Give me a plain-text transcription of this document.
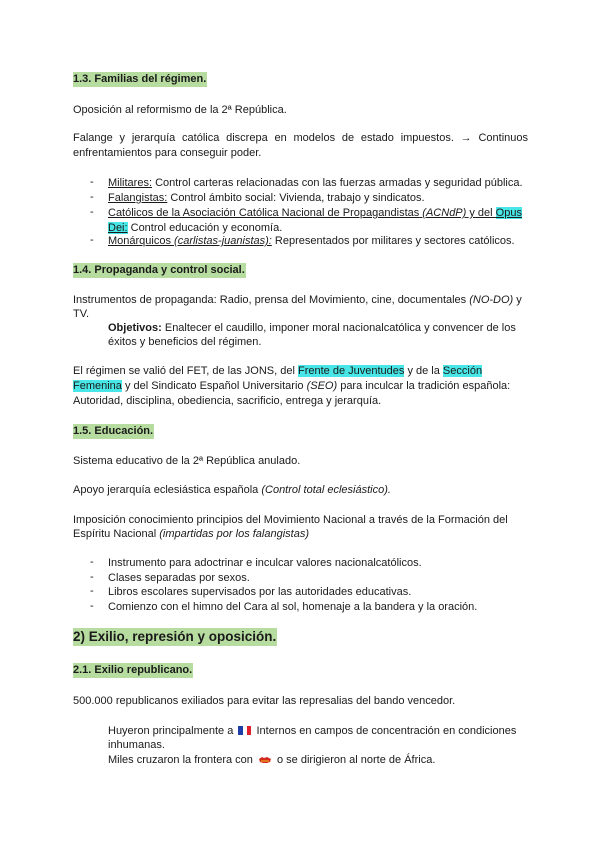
1.3. Familias del régimen.
Oposición al reformismo de la 2ª República.
Falange y jerarquía católica discrepa en modelos de estado impuestos. → Continuos enfrentamientos para conseguir poder.
- Militares: Control carteras relacionadas con las fuerzas armadas y seguridad pública.
- Falangistas: Control ámbito social: Vivienda, trabajo y sindicatos.
- Católicos de la Asociación Católica Nacional de Propagandistas (ACNdP) y del Opus
Dei: Control educación y economía.
- Monárquicos (carlistas-juanistas): Representados por militares y sectores católicos.
1.4. Propaganda y control social.
Instrumentos de propaganda: Radio, prensa del Movimiento, cine, documentales (NO-DO) y
TV.
Objetivos: Enaltecer el caudillo, imponer moral nacionalcatólica y convencer de los
éxitos y beneficios del régimen.
El régimen se valió del FET, de las JONS, del Frente de Juventudes y de la Sección
Femenina y del Sindicato Español Universitario (SEO) para inculcar la tradición española:
Autoridad, disciplina, obediencia, sacrificio, entrega y jerarquía.
1.5. Educación.
Sistema educativo de la 2ª República anulado.
Apoyo jerarquía eclesiástica española (Control total eclesiástico).
Imposición conocimiento principios del Movimiento Nacional a través de la Formación del
Espíritu Nacional (impartidas por los falangistas)
- Instrumento para adoctrinar e inculcar valores nacionalcatólicos.
- Clases separadas por sexos.
- Libros escolares supervisados por las autoridades educativas.
- Comienzo con el himno del Cara al sol, homenaje a la bandera y la oración.
2) Exilio, represión y oposición.
2.1. Exilio republicano.
500.000 republicanos exiliados para evitar las represalias del bando vencedor.
Huyeron principalmente a  Internos en campos de concentración en condiciones
inhumanas.
Miles cruzaron la frontera con  o se dirigieron al norte de África.
